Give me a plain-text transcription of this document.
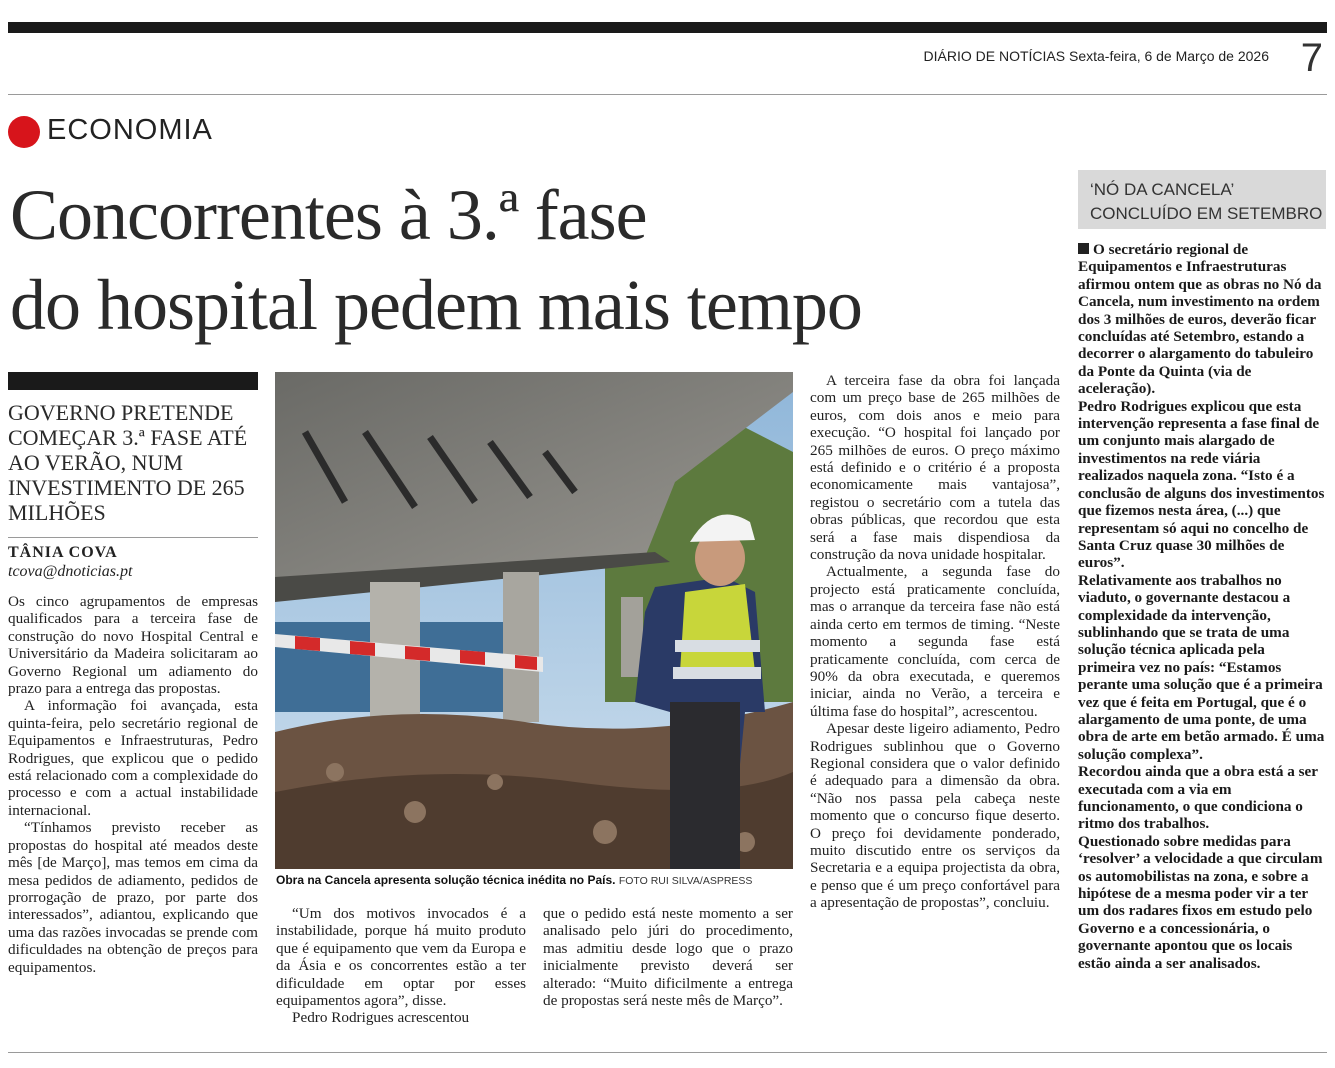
DIÁRIO DE NOTÍCIAS Sexta-feira, 6 de Março de 2026 7
ECONOMIA
Concorrentes à 3.ª fase
do hospital pedem mais tempo
GOVERNO PRETENDE COMEÇAR 3.ª FASE ATÉ AO VERÃO, NUM INVESTIMENTO DE 265 MILHÕES
TÂNIA COVA
tcova@dnoticias.pt

Os cinco agrupamentos de empresas qualificados para a terceira fase de construção do novo Hospital Central e Universitário da Madeira solicitaram ao Governo Regional um adiamento do prazo para a entrega das propostas.

A informação foi avançada, esta quinta-feira, pelo secretário regional de Equipamentos e Infraestruturas, Pedro Rodrigues, que explicou que o pedido está relacionado com a complexidade do processo e com a actual instabilidade internacional.

“Tínhamos previsto receber as propostas do hospital até meados deste mês [de Março], mas temos em cima da mesa pedidos de adiamento, pedidos de prorrogação de prazo, por parte dos interessados”, adiantou, explicando que uma das razões invocadas se prende com dificuldades na obtenção de preços para equipamentos.

Obra na Cancela apresenta solução técnica inédita no País. FOTO RUI SILVA/ASPRESS

“Um dos motivos invocados é a instabilidade, porque há muito produto que é equipamento que vem da Europa e da Ásia e os concorrentes estão a ter dificuldade em optar por esses equipamentos agora”, disse.

Pedro Rodrigues acrescentou

que o pedido está neste momento a ser analisado pelo júri do procedimento, mas admitiu desde logo que o prazo inicialmente previsto deverá ser alterado: “Muito dificilmente a entrega de propostas será neste mês de Março”.

A terceira fase da obra foi lançada com um preço base de 265 milhões de euros, com dois anos e meio para execução. “O hospital foi lançado por 265 milhões de euros. O preço máximo está definido e o critério é a proposta economicamente mais vantajosa”, registou o secretário com a tutela das obras públicas, que recordou que esta será a fase mais dispendiosa da construção da nova unidade hospitalar.

Actualmente, a segunda fase do projecto está praticamente concluída, mas o arranque da terceira fase não está ainda certo em termos de timing. “Neste momento a segunda fase está praticamente concluída, com cerca de 90% da obra executada, e queremos iniciar, ainda no Verão, a terceira e última fase do hospital”, acrescentou.

Apesar deste ligeiro adiamento, Pedro Rodrigues sublinhou que o Governo Regional considera que o valor definido é adequado para a dimensão da obra. “Não nos passa pela cabeça neste momento que o concurso fique deserto. O preço foi devidamente ponderado, muito discutido entre os serviços da Secretaria e a equipa projectista da obra, e penso que é um preço confortável para a apresentação de propostas”, concluiu.

‘NÓ DA CANCELA’
CONCLUÍDO EM SETEMBRO

O secretário regional de Equipamentos e Infraestruturas afirmou ontem que as obras no Nó da Cancela, num investimento na ordem dos 3 milhões de euros, deverão ficar concluídas até Setembro, estando a decorrer o alargamento do tabuleiro da Ponte da Quinta (via de aceleração).

Pedro Rodrigues explicou que esta intervenção representa a fase final de um conjunto mais alargado de investimentos na rede viária realizados naquela zona. “Isto é a conclusão de alguns dos investimentos que fizemos nesta área, (...) que representam só aqui no concelho de Santa Cruz quase 30 milhões de euros”.

Relativamente aos trabalhos no viaduto, o governante destacou a complexidade da intervenção, sublinhando que se trata de uma solução técnica aplicada pela primeira vez no país: “Estamos perante uma solução que é a primeira vez que é feita em Portugal, que é o alargamento de uma ponte, de uma obra de arte em betão armado. É uma solução complexa”.

Recordou ainda que a obra está a ser executada com a via em funcionamento, o que condiciona o ritmo dos trabalhos.

Questionado sobre medidas para ‘resolver’ a velocidade a que circulam os automobilistas na zona, e sobre a hipótese de a mesma poder vir a ter um dos radares fixos em estudo pelo Governo e a concessionária, o governante apontou que os locais estão ainda a ser analisados.
